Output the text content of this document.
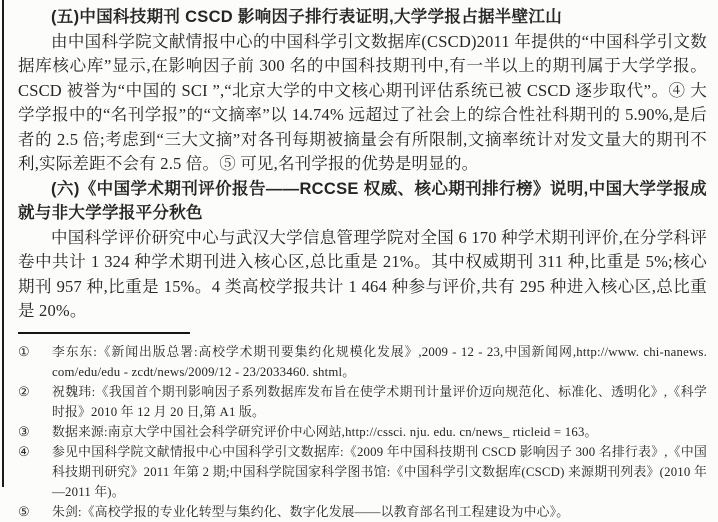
(五)中国科技期刊 CSCD 影响因子排行表证明,大学学报占据半壁江山

由中国科学院文献情报中心的中国科学引文数据库(CSCD)2011 年提供的“中国科学引文数据库核心库”显示,在影响因子前 300 名的中国科技期刊中,有一半以上的期刊属于大学学报。CSCD 被誉为“中国的 SCI ”,“北京大学的中文核心期刊评估系统已被 CSCD 逐步取代”。④ 大学学报中的“名刊学报”的“文摘率”以 14.74% 远超过了社会上的综合性社科期刊的 5.90%,是后者的 2.5 倍;考虑到“三大文摘”对各刊每期被摘量会有所限制,文摘率统计对发文量大的期刊不利,实际差距不会有 2.5 倍。⑤ 可见,名刊学报的优势是明显的。

(六)《中国学术期刊评价报告——RCCSE 权威、核心期刊排行榜》说明,中国大学学报成就与非大学学报平分秋色

中国科学评价研究中心与武汉大学信息管理学院对全国 6 170 种学术期刊评价,在分学科评卷中共计 1 324 种学术期刊进入核心区,总比重是 21%。其中权威期刊 311 种,比重是 5%;核心期刊 957 种,比重是 15%。4 类高校学报共计 1 464 种参与评价,共有 295 种进入核心区,总比重是 20%。

①	李东东:《新闻出版总署:高校学术期刊要集约化规模化发展》,2009 - 12 - 23,中国新闻网,http://www. chi-nanews. com/edu/edu - zcdt/news/2009/12 - 23/2033460. shtml。
②	祝魏玮:《我国首个期刊影响因子系列数据库发布旨在使学术期刊计量评价迈向规范化、标准化、透明化》,《科学时报》2010 年 12 月 20 日,第 A1 版。
③	数据来源:南京大学中国社会科学研究评价中心网站,http://cssci. nju. edu. cn/news_ rticleid = 163。
④	参见中国科学院文献情报中心中国科学引文数据库:《2009 年中国科技期刊 CSCD 影响因子 300 名排行表》,《中国科技期刊研究》2011 年第 2 期;中国科学院国家科学图书馆:《中国科学引文数据库(CSCD) 来源期刊列表》(2010 年—2011 年)。
⑤	朱剑:《高校学报的专业化转型与集约化、数字化发展——以教育部名刊工程建设为中心》。
